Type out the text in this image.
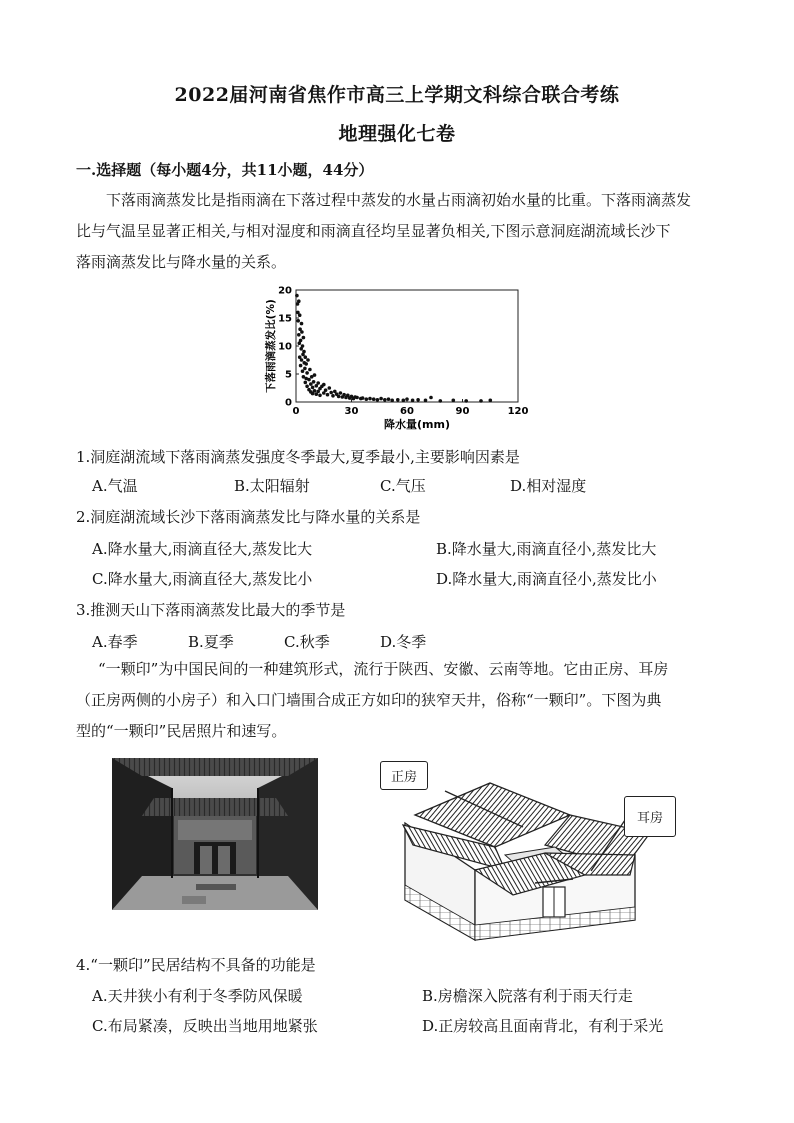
2022届河南省焦作市高三上学期文科综合联合考练
地理强化七卷
一.选择题（每小题4分，共11小题，44分）
下落雨滴蒸发比是指雨滴在下落过程中蒸发的水量占雨滴初始水量的比重。下落雨滴蒸发
比与气温呈显著正相关,与相对湿度和雨滴直径均呈显著负相关,下图示意洞庭湖流域长沙下
落雨滴蒸发比与降水量的关系。
0	30	60	90	120
0
5
10
15
20
降水量(mm)
下落雨滴蒸发比(%)
1.洞庭湖流域下落雨滴蒸发强度冬季最大,夏季最小,主要影响因素是
A.气温	B.太阳辐射	C.气压	D.相对湿度
2.洞庭湖流域长沙下落雨滴蒸发比与降水量的关系是
A.降水量大,雨滴直径大,蒸发比大	B.降水量大,雨滴直径小,蒸发比大
C.降水量大,雨滴直径大,蒸发比小	D.降水量大,雨滴直径小,蒸发比小
3.推测天山下落雨滴蒸发比最大的季节是
A.春季	B.夏季	C.秋季	D.冬季
“一颗印”为中国民间的一种建筑形式，流行于陕西、安徽、云南等地。它由正房、耳房
（正房两侧的小房子）和入口门墙围合成正方如印的狭窄天井，俗称“一颗印”。下图为典
型的“一颗印”民居照片和速写。
正房
耳房
4.“一颗印”民居结构不具备的功能是
A.天井狭小有利于冬季防风保暖	B.房檐深入院落有利于雨天行走
C.布局紧凑，反映出当地用地紧张	D.正房较高且面南背北，有利于采光
